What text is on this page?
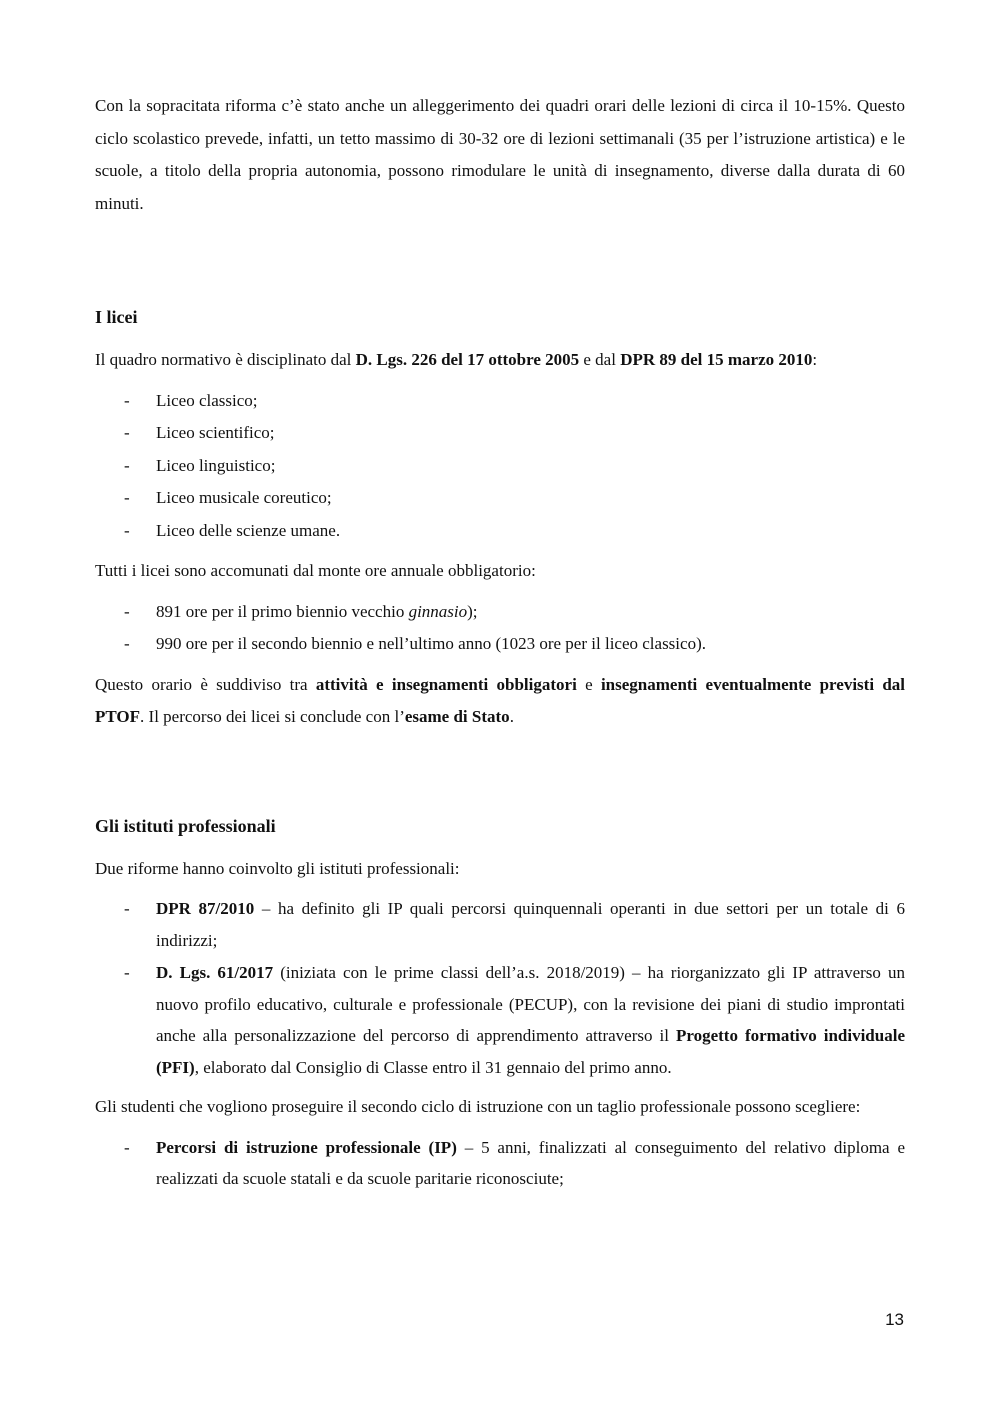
Con la sopracitata riforma c’è stato anche un alleggerimento dei quadri orari delle lezioni di circa il 10-15%. Questo ciclo scolastico prevede, infatti, un tetto massimo di 30-32 ore di lezioni settimanali (35 per l’istruzione artistica) e le scuole, a titolo della propria autonomia, possono rimodulare le unità di insegnamento, diverse dalla durata di 60 minuti.

I licei

Il quadro normativo è disciplinato dal D. Lgs. 226 del 17 ottobre 2005 e dal DPR 89 del 15 marzo 2010:

- Liceo classico;
- Liceo scientifico;
- Liceo linguistico;
- Liceo musicale coreutico;
- Liceo delle scienze umane.

Tutti i licei sono accomunati dal monte ore annuale obbligatorio:

- 891 ore per il primo biennio vecchio ginnasio);
- 990 ore per il secondo biennio e nell’ultimo anno (1023 ore per il liceo classico).

Questo orario è suddiviso tra attività e insegnamenti obbligatori e insegnamenti eventualmente previsti dal PTOF. Il percorso dei licei si conclude con l’esame di Stato.

Gli istituti professionali

Due riforme hanno coinvolto gli istituti professionali:

- DPR 87/2010 – ha definito gli IP quali percorsi quinquennali operanti in due settori per un totale di 6 indirizzi;
- D. Lgs. 61/2017 (iniziata con le prime classi dell’a.s. 2018/2019) – ha riorganizzato gli IP attraverso un nuovo profilo educativo, culturale e professionale (PECUP), con la revisione dei piani di studio improntati anche alla personalizzazione del percorso di apprendimento attraverso il Progetto formativo individuale (PFI), elaborato dal Consiglio di Classe entro il 31 gennaio del primo anno.

Gli studenti che vogliono proseguire il secondo ciclo di istruzione con un taglio professionale possono scegliere:

- Percorsi di istruzione professionale (IP) – 5 anni, finalizzati al conseguimento del relativo diploma e realizzati da scuole statali e da scuole paritarie riconosciute;
13
